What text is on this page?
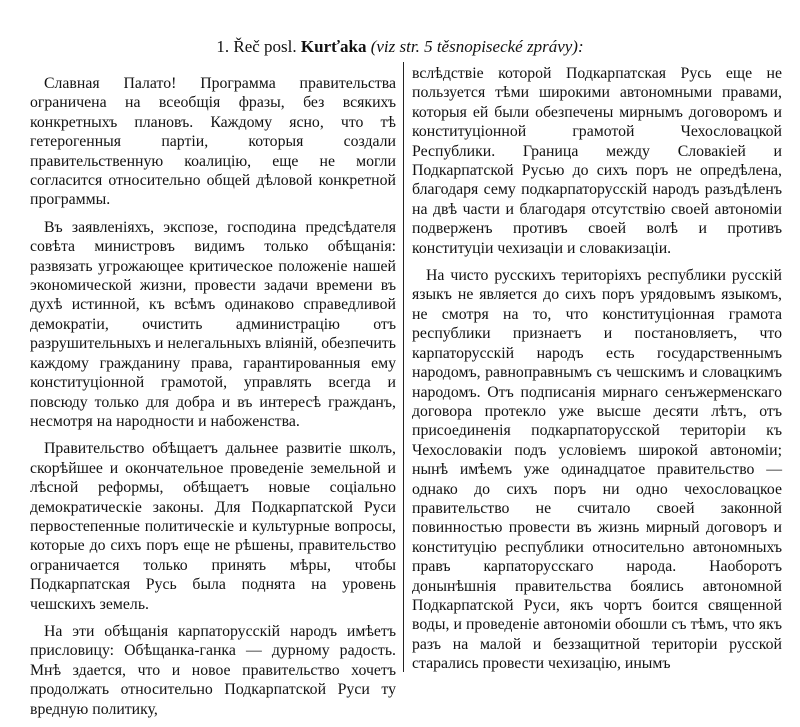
1. Řeč posl. Kurťaka (viz str. 5 těsnopisecké zprávy):

Славная Палато! Программа правительства ограничена на всеобщія фразы, без всякихъ конкретныхъ плановъ. Каждому ясно, что тѣ гетерогенныя партіи, которыя создали правительственную коалицію, еще не могли согласится относительно общей дѣловой конкретной программы.

Въ заявленіяхъ, экспозе, господина предсѣдателя совѣта министровъ видимъ только обѣщанія: развязать угрожающее критическое положеніе нашей экономической жизни, провести задачи времени въ духѣ истинной, къ всѣмъ одинаково справедливой демократіи, очистить администрацію отъ разрушительныхъ и нелегальныхъ вліяній, обезпечить каждому гражданину права, гарантированныя ему конституціонной грамотой, управлять всегда и повсюду только для добра и въ интересѣ гражданъ, несмотря на народности и набоженства.

Правительство обѣщаетъ дальнеe развитіе школъ, скорѣйшее и окончательное проведеніе земельной и лѣсной реформы, обѣщаетъ новые соціально демократическіе законы. Для Подкарпатской Руси первостепенные политическіе и культурные вопросы, которые до сихъ поръ еще не рѣшены, правительство ограничается только принять мѣры, чтобы Подкарпатская Русь была поднята на уровень чешскихъ земель.

На эти обѣщанія карпаторусскій народъ имѣетъ присловицу: Обѣщанка-ганка — дурному радость. Мнѣ здается, что и новое правительство хочетъ продолжать относительно Подкарпатской Руси ту вредную политику,

вслѣдствіе которой Подкарпатская Русь еще не пользуется тѣми широкими автономными правами, которыя ей были обезпечены мирнымъ договоромъ и конституціонной грамотой Чехословацкой Республики. Граница между Словакіей и Подкарпатской Русью до сихъ поръ не опредѣлена, благодаря сему подкарпаторусскій народъ разъдѣленъ на двѣ части и благодаря отсутствію своей автономіи подверженъ противъ своей волѣ и противъ конституціи чехизаціи и словакизаціи.

На чисто русскихъ територіяхъ республики русскій языкъ не является до сихъ поръ урядовымъ языкомъ, не смотря на то, что конституціонная грамота республики признаетъ и постановляетъ, что карпаторусскій народъ есть государственнымъ народомъ, равноправнымъ съ чешскимъ и словацкимъ народомъ. Отъ подписанія мирнаго сенъжерменскаго договора протекло уже высше десяти лѣтъ, отъ присоединенія подкарпаторусской територіи къ Чехословакіи подъ условіемъ широкой автономіи; нынѣ имѣемъ уже одинадцатое правительство — однако до сихъ поръ ни одно чехословацкое правительство не считало своей законной повинностью провести въ жизнь мирный договоръ и конституцію республики относительно автономныхъ правъ карпаторусскаго народа. Наоборотъ донынѣшнія правительства боялись автономной Подкарпатской Руси, якъ чортъ боится священной воды, и проведеніе автономіи обошли съ тѣмъ, что якъ разъ на малой и беззащитной територіи русской старались провести чехизацію, инымъ
